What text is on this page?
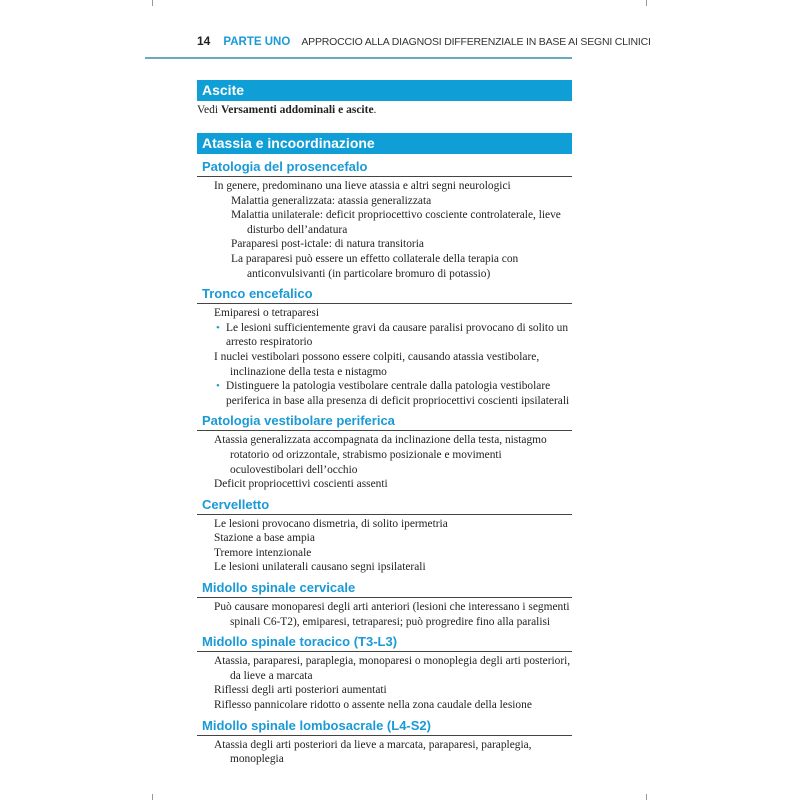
14 PARTE UNO APPROCCIO ALLA DIAGNOSI DIFFERENZIALE IN BASE AI SEGNI CLINICI
Ascite
Vedi Versamenti addominali e ascite.
Atassia e incoordinazione
Patologia del prosencefalo
In genere, predominano una lieve atassia e altri segni neurologici
Malattia generalizzata: atassia generalizzata
Malattia unilaterale: deficit propriocettivo cosciente controlaterale, lieve disturbo dell’andatura
Paraparesi post-ictale: di natura transitoria
La paraparesi può essere un effetto collaterale della terapia con anticonvulsivanti (in particolare bromuro di potassio)
Tronco encefalico
Emiparesi o tetraparesi
• Le lesioni sufficientemente gravi da causare paralisi provocano di solito un arresto respiratorio
I nuclei vestibolari possono essere colpiti, causando atassia vestibolare, inclinazione della testa e nistagmo
• Distinguere la patologia vestibolare centrale dalla patologia vestibolare periferica in base alla presenza di deficit propriocettivi coscienti ipsilaterali
Patologia vestibolare periferica
Atassia generalizzata accompagnata da inclinazione della testa, nistagmo rotatorio od orizzontale, strabismo posizionale e movimenti oculovestibolari dell’occhio
Deficit propriocettivi coscienti assenti
Cervelletto
Le lesioni provocano dismetria, di solito ipermetria
Stazione a base ampia
Tremore intenzionale
Le lesioni unilaterali causano segni ipsilaterali
Midollo spinale cervicale
Può causare monoparesi degli arti anteriori (lesioni che interessano i segmenti spinali C6-T2), emiparesi, tetraparesi; può progredire fino alla paralisi
Midollo spinale toracico (T3-L3)
Atassia, paraparesi, paraplegia, monoparesi o monoplegia degli arti posteriori, da lieve a marcata
Riflessi degli arti posteriori aumentati
Riflesso pannicolare ridotto o assente nella zona caudale della lesione
Midollo spinale lombosacrale (L4-S2)
Atassia degli arti posteriori da lieve a marcata, paraparesi, paraplegia, monoplegia
